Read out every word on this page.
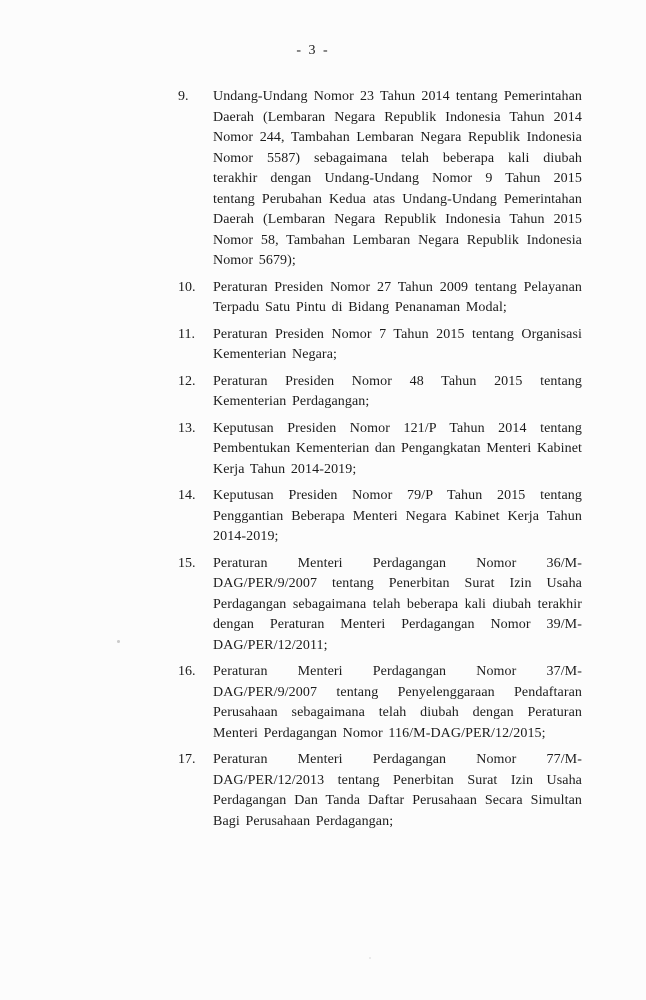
- 3 -
9.	Undang-Undang Nomor 23 Tahun 2014 tentang Pemerintahan Daerah (Lembaran Negara Republik Indonesia Tahun 2014 Nomor 244, Tambahan Lembaran Negara Republik Indonesia Nomor 5587) sebagaimana telah beberapa kali diubah terakhir dengan Undang-Undang Nomor 9 Tahun 2015 tentang Perubahan Kedua atas Undang-Undang Pemerintahan Daerah (Lembaran Negara Republik Indonesia Tahun 2015 Nomor 58, Tambahan Lembaran Negara Republik Indonesia Nomor 5679);
10.	Peraturan Presiden Nomor 27 Tahun 2009 tentang Pelayanan Terpadu Satu Pintu di Bidang Penanaman Modal;
11.	Peraturan Presiden Nomor 7 Tahun 2015 tentang Organisasi Kementerian Negara;
12.	Peraturan Presiden Nomor 48 Tahun 2015 tentang Kementerian Perdagangan;
13.	Keputusan Presiden Nomor 121/P Tahun 2014 tentang Pembentukan Kementerian dan Pengangkatan Menteri Kabinet Kerja Tahun 2014-2019;
14.	Keputusan Presiden Nomor 79/P Tahun 2015 tentang Penggantian Beberapa Menteri Negara Kabinet Kerja Tahun 2014-2019;
15.	Peraturan Menteri Perdagangan Nomor 36/M-DAG/PER/9/2007 tentang Penerbitan Surat Izin Usaha Perdagangan sebagaimana telah beberapa kali diubah terakhir dengan Peraturan Menteri Perdagangan Nomor 39/M-DAG/PER/12/2011;
16.	Peraturan Menteri Perdagangan Nomor 37/M-DAG/PER/9/2007 tentang Penyelenggaraan Pendaftaran Perusahaan sebagaimana telah diubah dengan Peraturan Menteri Perdagangan Nomor 116/M-DAG/PER/12/2015;
17.	Peraturan Menteri Perdagangan Nomor 77/M-DAG/PER/12/2013 tentang Penerbitan Surat Izin Usaha Perdagangan Dan Tanda Daftar Perusahaan Secara Simultan Bagi Perusahaan Perdagangan;
